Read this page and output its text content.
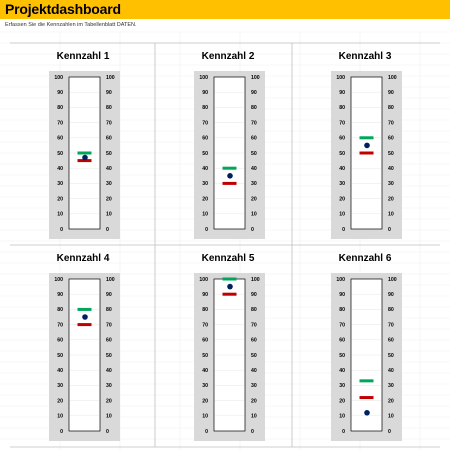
Projektdashboard
Erfassen Sie die Kennzahlen im Tabellenblatt DATEN.
Kennzahl 1
0	0
10	10
20	20
30	30
40	40
50	50
60	60
70	70
80	80
90	90
100	100
Kennzahl 2
0	0
10	10
20	20
30	30
40	40
50	50
60	60
70	70
80	80
90	90
100	100
Kennzahl 3
0	0
10	10
20	20
30	30
40	40
50	50
60	60
70	70
80	80
90	90
100	100
Kennzahl 4
0	0
10	10
20	20
30	30
40	40
50	50
60	60
70	70
80	80
90	90
100	100
Kennzahl 5
0	0
10	10
20	20
30	30
40	40
50	50
60	60
70	70
80	80
90	90
100	100
Kennzahl 6
0	0
10	10
20	20
30	30
40	40
50	50
60	60
70	70
80	80
90	90
100	100
